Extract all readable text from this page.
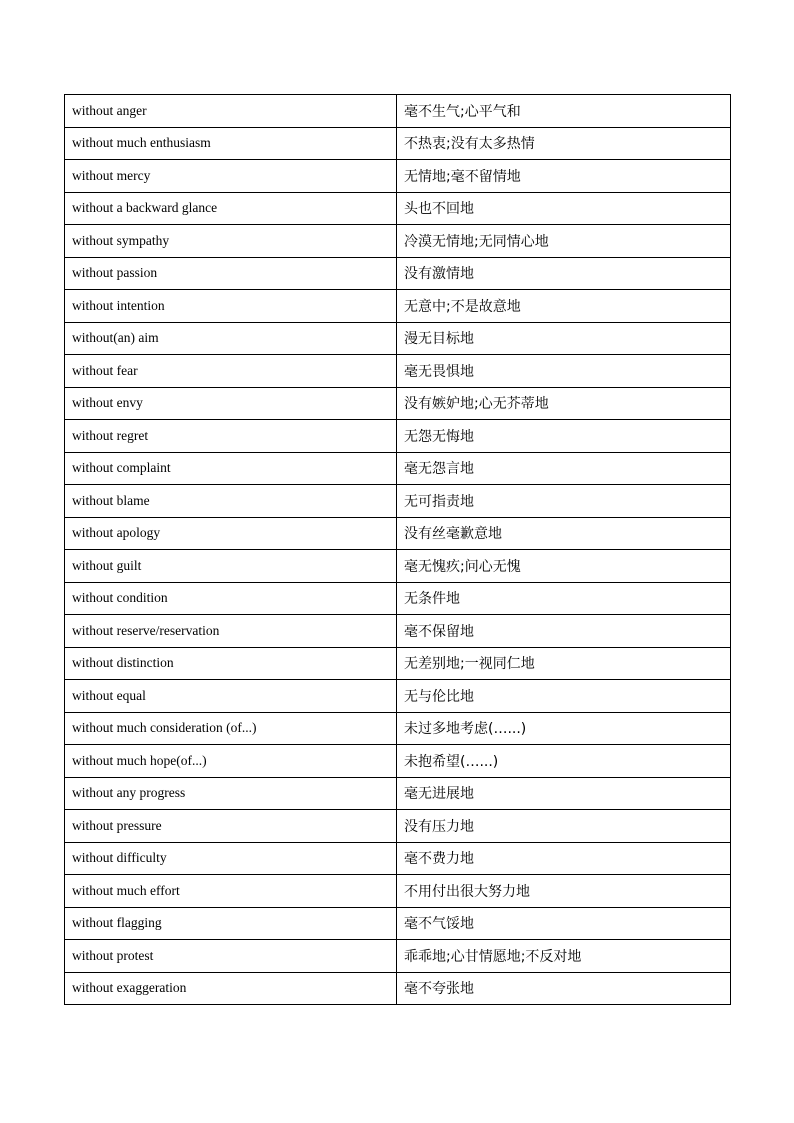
without anger	毫不生气;心平气和
without much enthusiasm	不热衷;没有太多热情
without mercy	无情地;毫不留情地
without a backward glance	头也不回地
without sympathy	冷漠无情地;无同情心地
without passion	没有激情地
without intention	无意中;不是故意地
without(an) aim	漫无目标地
without fear	毫无畏惧地
without envy	没有嫉妒地;心无芥蒂地
without regret	无怨无悔地
without complaint	毫无怨言地
without blame	无可指责地
without apology	没有丝毫歉意地
without guilt	毫无愧疚;问心无愧
without condition	无条件地
without reserve/reservation	毫不保留地
without distinction	无差别地;一视同仁地
without equal	无与伦比地
without much consideration (of...)	未过多地考虑(…...)
without much hope(of...)	未抱希望(…...)
without any progress	毫无进展地
without pressure	没有压力地
without difficulty	毫不费力地
without much effort	不用付出很大努力地
without flagging	毫不气馁地
without protest	乖乖地;心甘情愿地;不反对地
without exaggeration	毫不夸张地
